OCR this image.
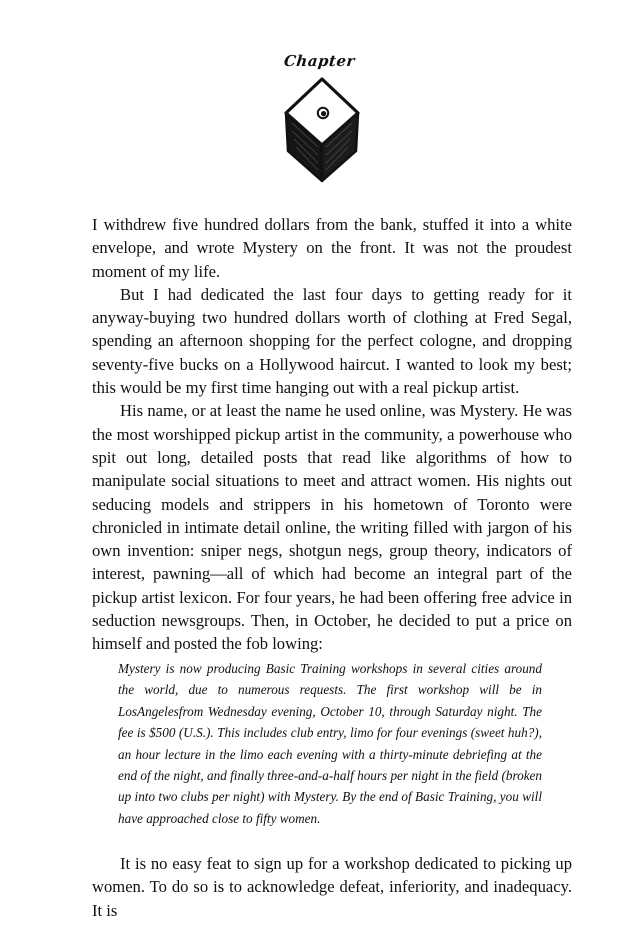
Chapter

I withdrew five hundred dollars from the bank, stuffed it into a white envelope, and wrote Mystery on the front. It was not the proudest moment of my life.

But I had dedicated the last four days to getting ready for it anyway-buying two hundred dollars worth of clothing at Fred Segal, spending an afternoon shopping for the perfect cologne, and dropping seventy-five bucks on a Hollywood haircut. I wanted to look my best; this would be my first time hanging out with a real pickup artist.

His name, or at least the name he used online, was Mystery. He was the most worshipped pickup artist in the community, a powerhouse who spit out long, detailed posts that read like algorithms of how to manipulate social situations to meet and attract women. His nights out seducing models and strippers in his hometown of Toronto were chronicled in intimate detail online, the writing filled with jargon of his own invention: sniper negs, shotgun negs, group theory, indicators of interest, pawning—all of which had become an integral part of the pickup artist lexicon. For four years, he had been offering free advice in seduction newsgroups. Then, in October, he decided to put a price on himself and posted the fob lowing:

Mystery is now producing Basic Training workshops in several cities around the world, due to numerous requests. The first workshop will be in LosAngelesfrom Wednesday evening, October 10, through Saturday night. The fee is $500 (U.S.). This includes club entry, limo for four evenings (sweet huh?), an hour lecture in the limo each evening with a thirty-minute debriefing at the end of the night, and finally three-and-a-half hours per night in the field (broken up into two clubs per night) with Mystery. By the end of Basic Training, you will have approached close to fifty women.

It is no easy feat to sign up for a workshop dedicated to picking up women. To do so is to acknowledge defeat, inferiority, and inadequacy. It is
